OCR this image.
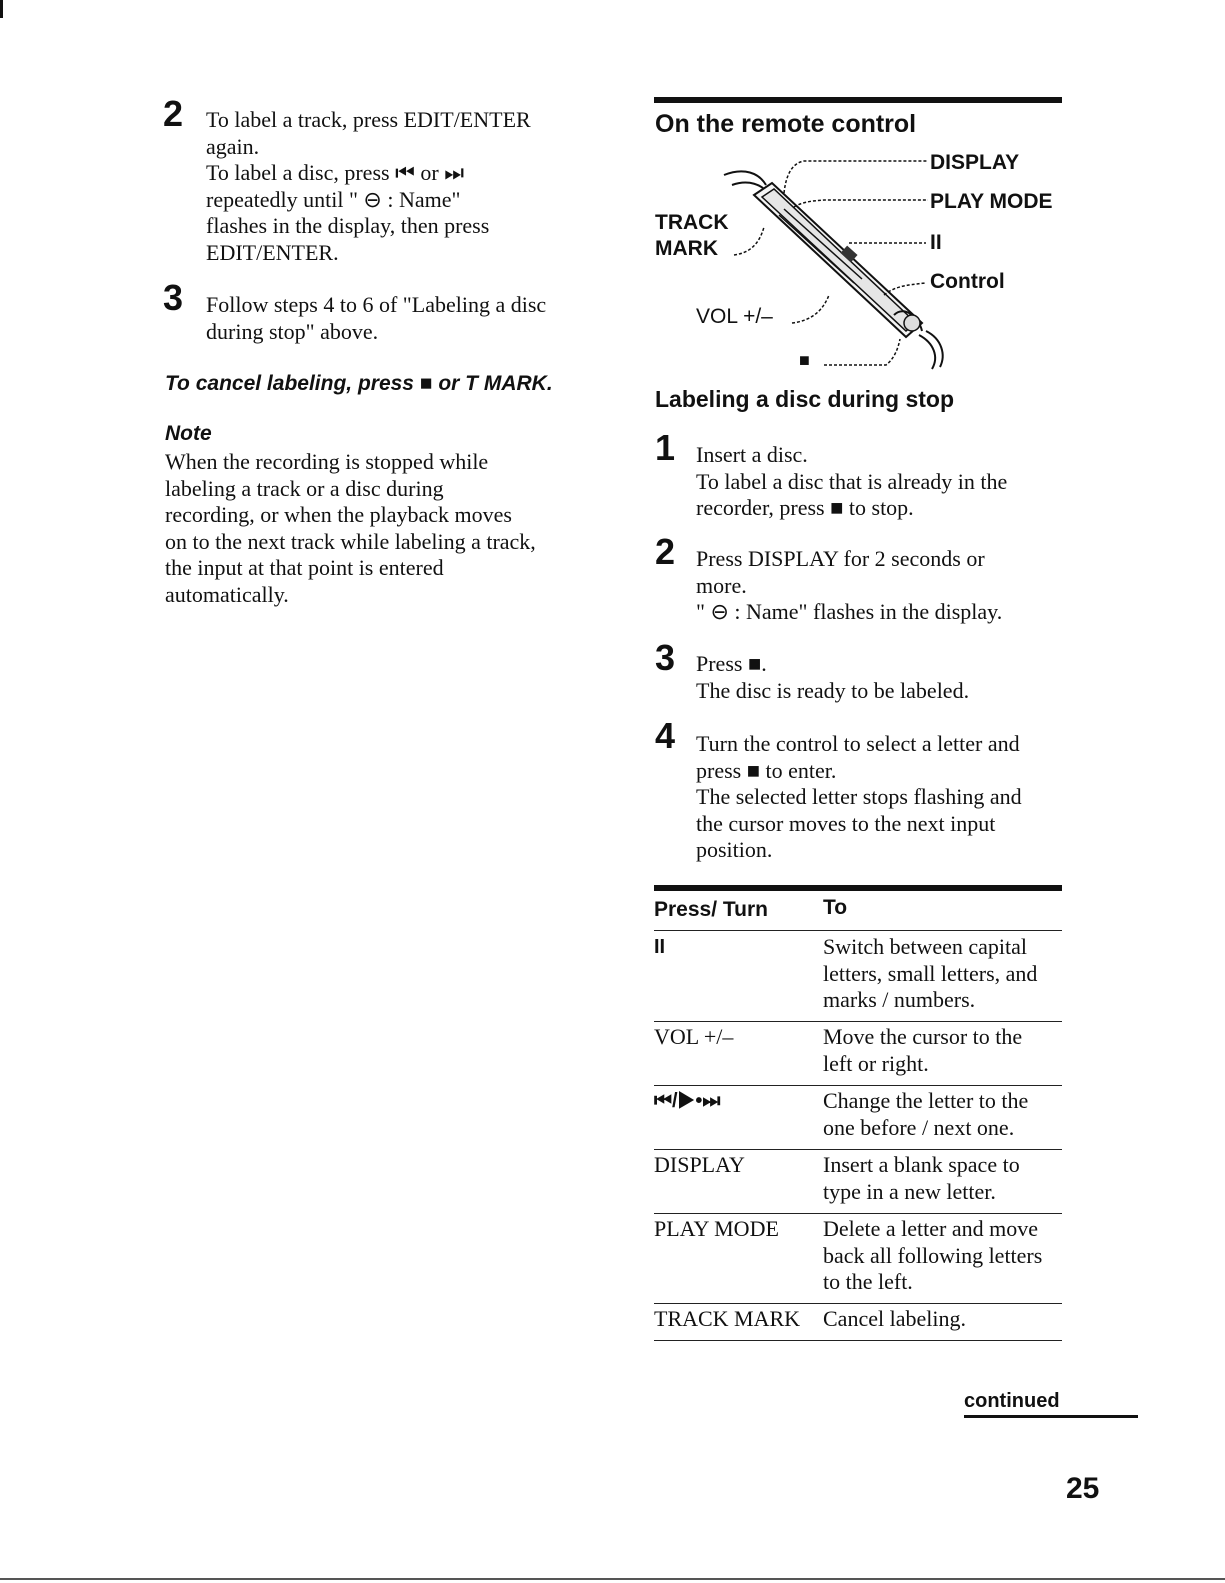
2 To label a track, press EDIT/ENTER
again.
To label a disc, press ⏮ or ⏭
repeatedly until " ⊖ : Name"
flashes in the display, then press
EDIT/ENTER.
3 Follow steps 4 to 6 of "Labeling a disc
during stop" above.
To cancel labeling, press ■ or T MARK.
Note
When the recording is stopped while
labeling a track or a disc during
recording, or when the playback moves
on to the next track while labeling a track,
the input at that point is entered
automatically.
On the remote control
DISPLAY
PLAY MODE
II
Control
TRACK
MARK
VOL +/–
■
Labeling a disc during stop
1 Insert a disc.
To label a disc that is already in the
recorder, press ■ to stop.
2 Press DISPLAY for 2 seconds or
more.
" ⊖ : Name" flashes in the display.
3 Press ■.
The disc is ready to be labeled.
4 Turn the control to select a letter and
press ■ to enter.
The selected letter stops flashing and
the cursor moves to the next input
position.
Press/ Turn	To
II	Switch between capital
letters, small letters, and
marks / numbers.
VOL +/–	Move the cursor to the
left or right.
⏮/▶•⏭	Change the letter to the
one before / next one.
DISPLAY	Insert a blank space to
type in a new letter.
PLAY MODE	Delete a letter and move
back all following letters
to the left.
TRACK MARK	Cancel labeling.
continued
25
